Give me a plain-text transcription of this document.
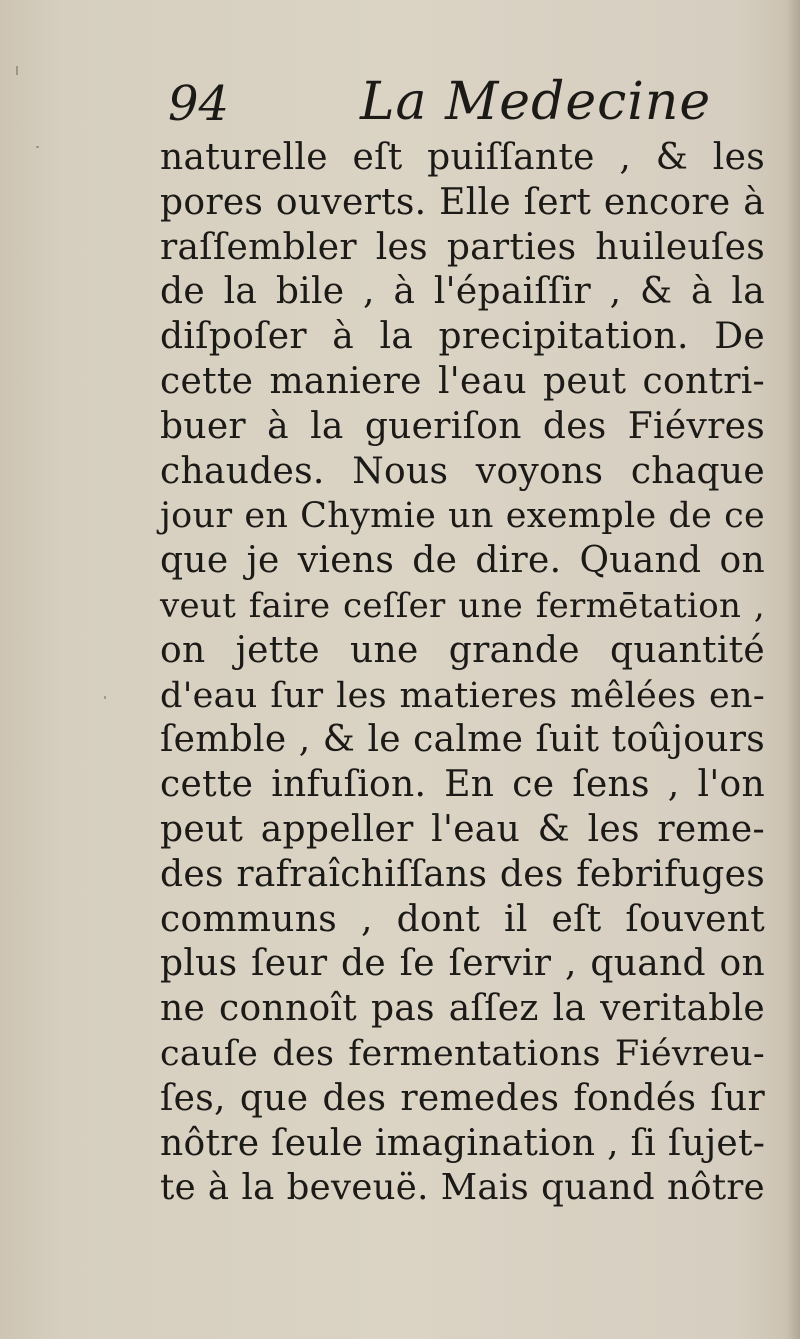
94	La Medecine
naturelle eſt puiſſante , & les
pores ouverts. Elle ſert encore à
raſſembler les parties huileuſes
de la bile , à l'épaiſſir , & à la
diſpoſer à la precipitation. De
cette maniere l'eau peut contri-
buer à la gueriſon des Fiévres
chaudes. Nous voyons chaque
jour en Chymie un exemple de ce
que je viens de dire. Quand on
veut faire ceſſer une fermētation ,
on jette une grande quantité
d'eau ſur les matieres mêlées en-
ſemble , & le calme ſuit toûjours
cette infuſion. En ce ſens , l'on
peut appeller l'eau & les reme-
des rafraîchiſſans des febrifuges
communs , dont il eſt ſouvent
plus ſeur de ſe ſervir , quand on
ne connoît pas aſſez la veritable
cauſe des fermentations Fiévreu-
ſes, que des remedes fondés ſur
nôtre ſeule imagination , ſi ſujet-
te à la beveuë. Mais quand nôtre
